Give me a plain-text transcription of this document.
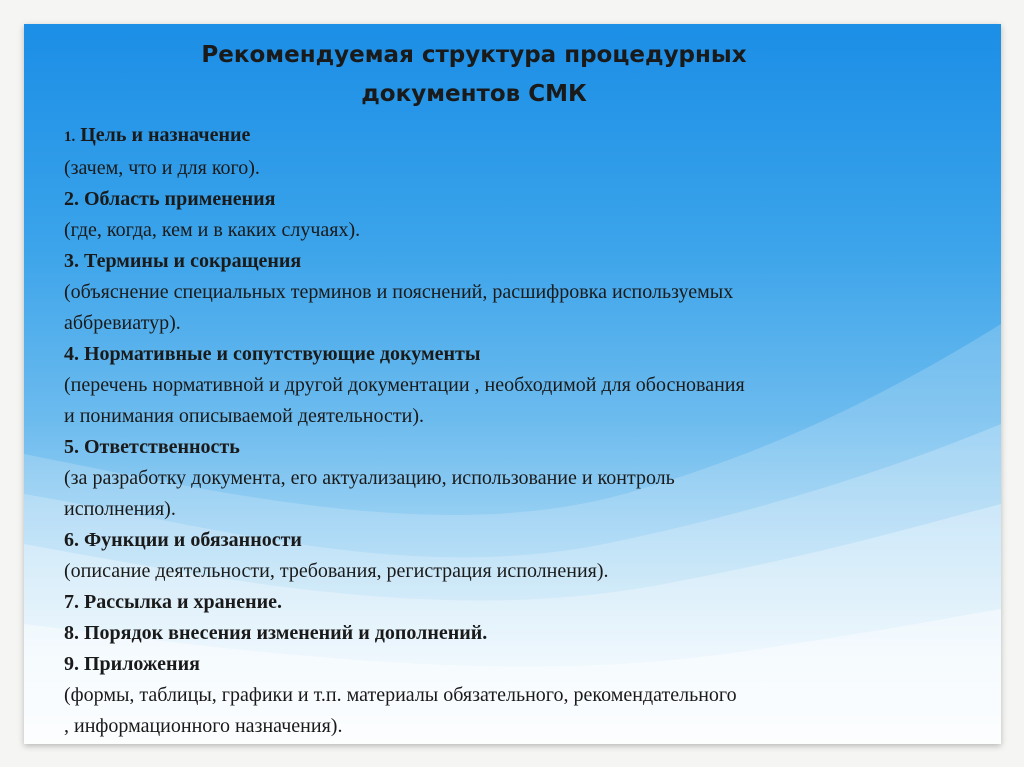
Рекомендуемая структура процедурных
документов СМК
1. Цель и назначение
(зачем, что и для кого).
2. Область применения
(где, когда, кем и в каких случаях).
3. Термины и сокращения
(объяснение специальных терминов и пояснений, расшифровка используемых
аббревиатур).
4. Нормативные и сопутствующие документы
(перечень нормативной и другой документации , необходимой для обоснования
и понимания описываемой деятельности).
5. Ответственность
(за разработку документа, его актуализацию, использование и контроль
исполнения).
6. Функции и обязанности
(описание деятельности, требования, регистрация исполнения).
7. Рассылка и хранение.
8. Порядок внесения изменений и дополнений.
9. Приложения
(формы, таблицы, графики и т.п. материалы обязательного, рекомендательного
, информационного назначения).
